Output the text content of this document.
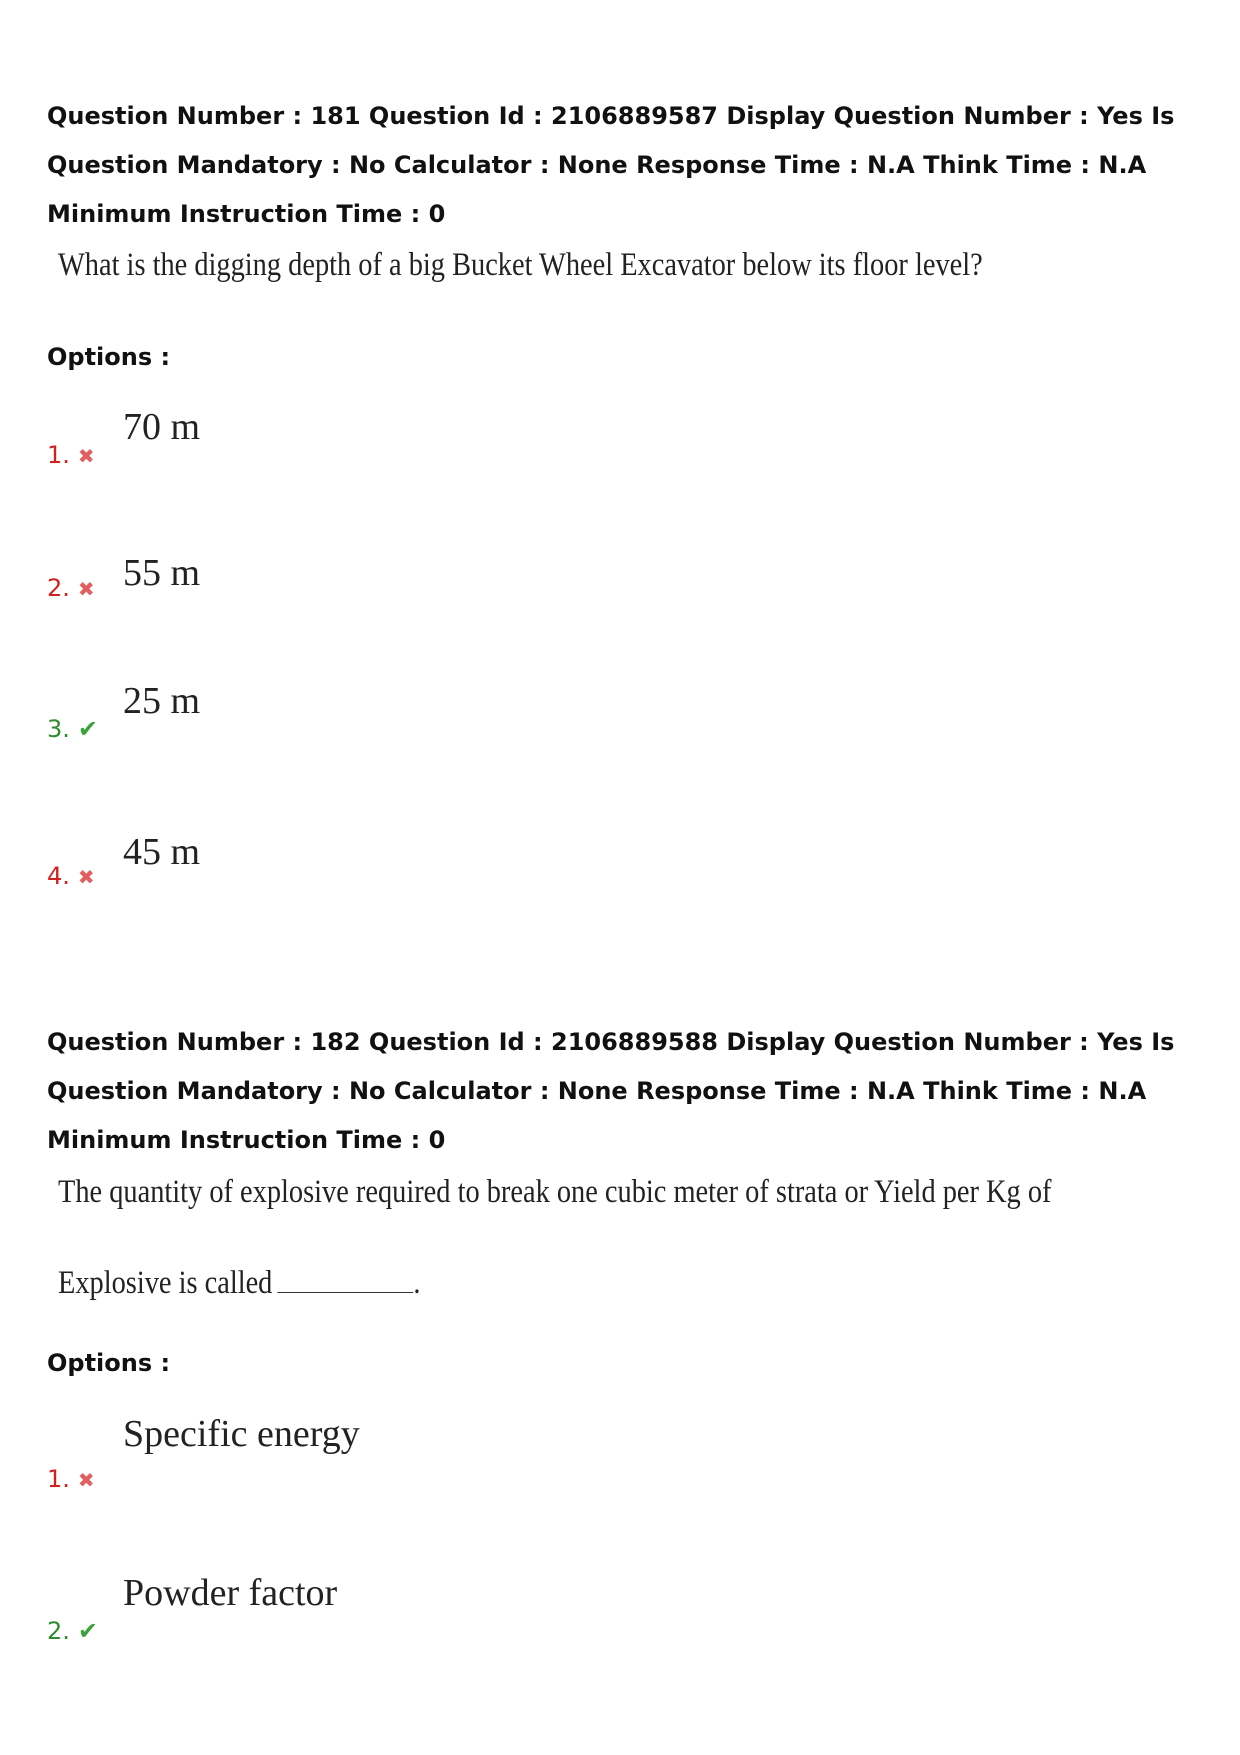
Question Number : 181 Question Id : 2106889587 Display Question Number : Yes Is Question Mandatory : No Calculator : None Response Time : N.A Think Time : N.A Minimum Instruction Time : 0
What is the digging depth of a big Bucket Wheel Excavator below its floor level?
Options :
1. ✖
70 m
2. ✖ 55 m
3. ✔
25 m
4. ✖
45 m
Question Number : 182 Question Id : 2106889588 Display Question Number : Yes Is Question Mandatory : No Calculator : None Response Time : N.A Think Time : N.A Minimum Instruction Time : 0
The quantity of explosive required to break one cubic meter of strata or Yield per Kg of
Explosive is called	.
Options :
1. ✖
Specific energy
2. ✔
Powder factor
